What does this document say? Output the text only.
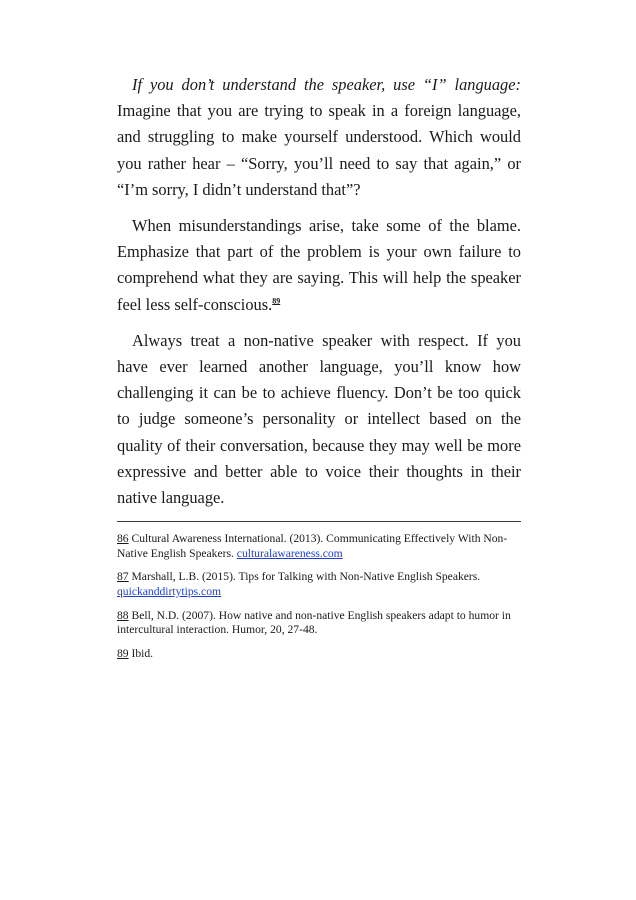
If you don’t understand the speaker, use “I” language: Imagine that you are trying to speak in a foreign language, and struggling to make yourself understood. Which would you rather hear – “Sorry, you’ll need to say that again,” or “I’m sorry, I didn’t understand that”?

When misunderstandings arise, take some of the blame. Emphasize that part of the problem is your own failure to comprehend what they are saying. This will help the speaker feel less self-conscious.$^{89}$

Always treat a non-native speaker with respect. If you have ever learned another language, you’ll know how challenging it can be to achieve fluency. Don’t be too quick to judge someone’s personality or intellect based on the quality of their conversation, because they may well be more expressive and better able to voice their thoughts in their native language.

86 Cultural Awareness International. (2013). Communicating Effectively With Non-Native English Speakers. culturalawareness.com
87 Marshall, L.B. (2015). Tips for Talking with Non-Native English Speakers. quickanddirtytips.com
88 Bell, N.D. (2007). How native and non-native English speakers adapt to humor in intercultural interaction. Humor, 20, 27-48.
89 Ibid.
